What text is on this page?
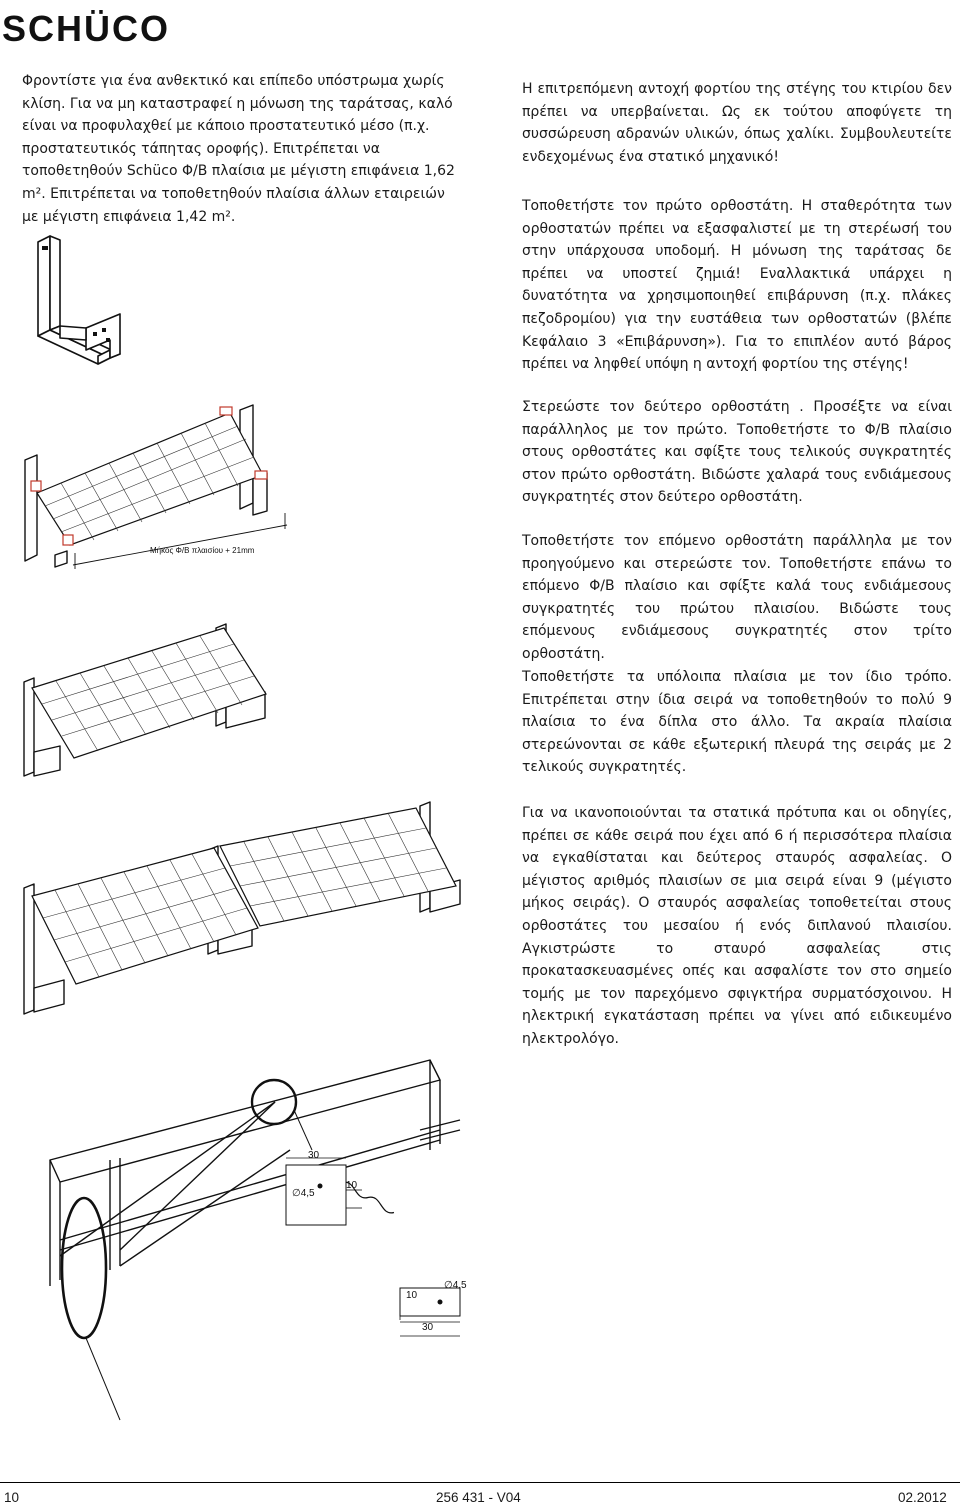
SCHÜCO

Φροντίστε για ένα ανθεκτικό και επίπεδο υπόστρωμα χωρίς κλίση. Για να μη καταστραφεί η μόνωση της ταράτσας, καλό είναι να προφυλαχθεί με κάποιο προστατευτικό μέσο (π.χ. προστατευτικός τάπητας οροφής). Επιτρέπεται να τοποθετηθούν Schüco Φ/Β πλαίσια με μέγιστη επιφάνεια 1,62 m². Επιτρέπεται να τοποθετηθούν πλαίσια άλλων εταιρειών με μέγιστη επιφάνεια 1,42 m².

Η επιτρεπόμενη αντοχή φορτίου της στέγης του κτιρίου δεν πρέπει να υπερβαίνεται. Ως εκ τούτου αποφύγετε τη συσσώρευση αδρανών υλικών, όπως χαλίκι. Συμβουλευτείτε ενδεχομένως ένα στατικό μηχανικό!

Τοποθετήστε τον πρώτο ορθοστάτη. Η σταθερότητα των ορθοστατών πρέπει να εξασφαλιστεί με τη στερέωσή του στην υπάρχουσα υποδομή. Η μόνωση της ταράτσας δε πρέπει να υποστεί ζημιά! Εναλλακτικά υπάρχει η δυνατότητα να χρησιμοποιηθεί επιβάρυνση (π.χ. πλάκες πεζοδρομίου) για την ευστάθεια των ορθοστατών (βλέπε Κεφάλαιο 3 «Επιβάρυνση»). Για το επιπλέον αυτό βάρος πρέπει να ληφθεί υπόψη η αντοχή φορτίου της στέγης!

Στερεώστε τον δεύτερο ορθοστάτη . Προσέξτε να είναι παράλληλος με τον πρώτο. Τοποθετήστε το Φ/Β πλαίσιο στους ορθοστάτες και σφίξτε τους τελικούς συγκρατητές στον πρώτο ορθοστάτη. Βιδώστε χαλαρά τους ενδιάμεσους συγκρατητές στον δεύτερο ορθοστάτη.

Τοποθετήστε τον επόμενο ορθοστάτη παράλληλα με τον προηγούμενο και στερεώστε τον. Τοποθετήστε επάνω το επόμενο Φ/Β πλαίσιο και σφίξτε καλά τους ενδιάμεσους συγκρατητές του πρώτου πλαισίου. Βιδώστε τους επόμενους ενδιάμεσους συγκρατητές στον τρίτο ορθοστάτη.

Τοποθετήστε τα υπόλοιπα πλαίσια με τον ίδιο τρόπο. Επιτρέπεται στην ίδια σειρά να τοποθετηθούν το πολύ 9 πλαίσια το ένα δίπλα στο άλλο. Τα ακραία πλαίσια στερεώνονται σε κάθε εξωτερική πλευρά της σειράς με 2 τελικούς συγκρατητές.

Για να ικανοποιούνται τα στατικά πρότυπα και οι οδηγίες, πρέπει σε κάθε σειρά που έχει από 6 ή περισσότερα πλαίσια να εγκαθίσταται και δεύτερος σταυρός ασφαλείας. Ο μέγιστος αριθμός πλαισίων σε μια σειρά είναι 9 (μέγιστο μήκος σειράς). Ο σταυρός ασφαλείας τοποθετείται στους ορθοστάτες του μεσαίου ή ενός διπλανού πλαισίου. Αγκιστρώστε το σταυρό ασφαλείας στις προκατασκευασμένες οπές και ασφαλίστε τον στο σημείο τομής με τον παρεχόμενο σφιγκτήρα συρματόσχοινου. Η ηλεκτρική εγκατάσταση πρέπει να γίνει από ειδικευμένο ηλεκτρολόγο.

Μήκος Φ/Β πλαισίου + 21mm
30
10
∅4,5
10
30
∅4,5
10	256 431 - V04	02.2012
